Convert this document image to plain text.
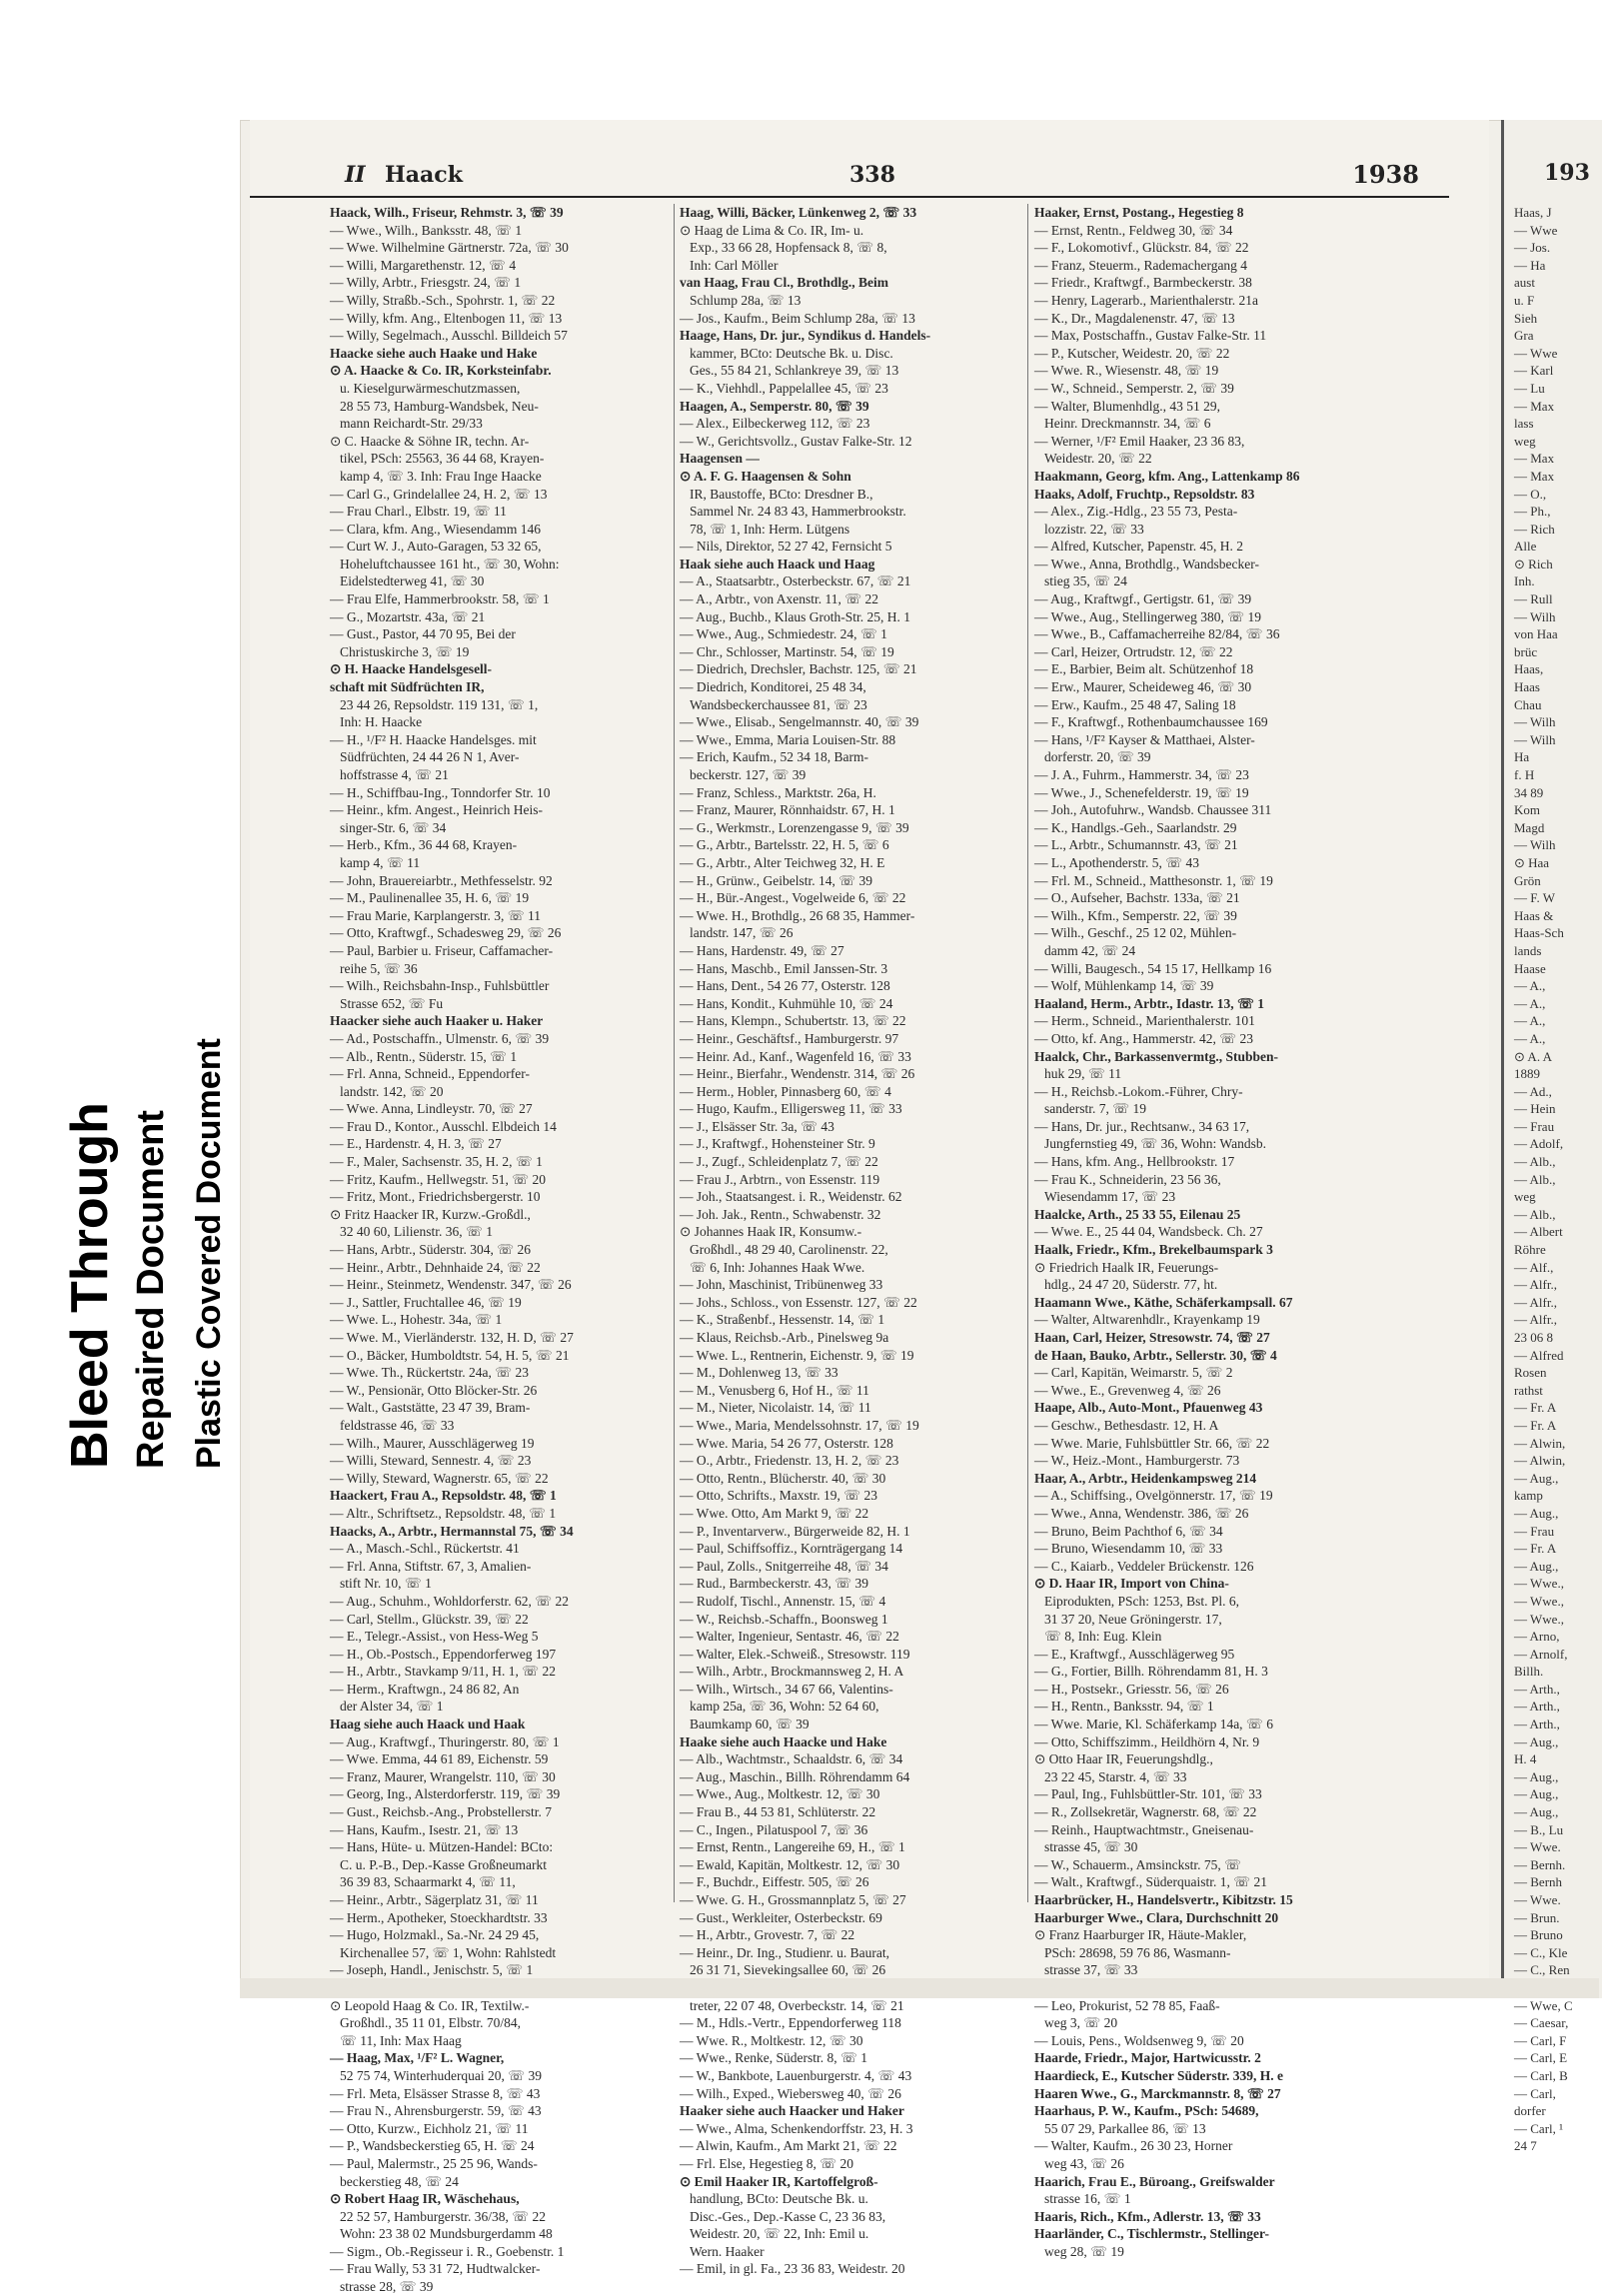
Bleed Through Repaired Document Plastic Covered Document
II Haack	338	1938
Haack, Wilh., Friseur, Rehmstr. 3, ☏ 39
— Wwe., Wilh., Banksstr. 48, ☏ 1
— Wwe. Wilhelmine Gärtnerstr. 72a, ☏ 30
— Willi, Margarethenstr. 12, ☏ 4
— Willy, Arbtr., Friesgstr. 24, ☏ 1
— Willy, Straßb.-Sch., Spohrstr. 1, ☏ 22
— Willy, kfm. Ang., Eltenbogen 11, ☏ 13
— Willy, Segelmach., Ausschl. Billdeich 57
Haacke siehe auch Haake und Hake
⊙ A. Haacke & Co. IR, Korksteinfabr.
u. Kieselgurwärmeschutzmassen,
28 55 73, Hamburg-Wandsbek, Neu-
mann Reichardt-Str. 29/33
⊙ C. Haacke & Söhne IR, techn. Ar-
tikel, PSch: 25563, 36 44 68, Krayen-
kamp 4, ☏ 3. Inh: Frau Inge Haacke
— Carl G., Grindelallee 24, H. 2, ☏ 13
— Frau Charl., Elbstr. 19, ☏ 11
— Clara, kfm. Ang., Wiesendamm 146
— Curt W. J., Auto-Garagen, 53 32 65,
Hoheluftchaussee 161 ht., ☏ 30, Wohn:
Eidelstedterweg 41, ☏ 30
— Frau Elfe, Hammerbrookstr. 58, ☏ 1
— G., Mozartstr. 43a, ☏ 21
— Gust., Pastor, 44 70 95, Bei der
Christuskirche 3, ☏ 19
⊙ H. Haacke Handelsgesell-
schaft mit Südfrüchten IR,
23 44 26, Repsoldstr. 119 131, ☏ 1,
Inh: H. Haacke
— H., ¹/F² H. Haacke Handelsges. mit
Südfrüchten, 24 44 26 N 1, Aver-
hoffstrasse 4, ☏ 21
— H., Schiffbau-Ing., Tonndorfer Str. 10
— Heinr., kfm. Angest., Heinrich Heis-
singer-Str. 6, ☏ 34
— Herb., Kfm., 36 44 68, Krayen-
kamp 4, ☏ 11
— John, Brauereiarbtr., Methfesselstr. 92
— M., Paulinenallee 35, H. 6, ☏ 19
— Frau Marie, Karplangerstr. 3, ☏ 11
— Otto, Kraftwgf., Schadesweg 29, ☏ 26
— Paul, Barbier u. Friseur, Caffamacher-
reihe 5, ☏ 36
— Wilh., Reichsbahn-Insp., Fuhlsbüttler
Strasse 652, ☏ Fu
Haacker siehe auch Haaker u. Haker
— Ad., Postschaffn., Ulmenstr. 6, ☏ 39
— Alb., Rentn., Süderstr. 15, ☏ 1
— Frl. Anna, Schneid., Eppendorfer-
landstr. 142, ☏ 20
— Wwe. Anna, Lindleystr. 70, ☏ 27
— Frau D., Kontor., Ausschl. Elbdeich 14
— E., Hardenstr. 4, H. 3, ☏ 27
— F., Maler, Sachsenstr. 35, H. 2, ☏ 1
— Fritz, Kaufm., Hellwegstr. 51, ☏ 20
— Fritz, Mont., Friedrichsbergerstr. 10
⊙ Fritz Haacker IR, Kurzw.-Großdl.,
32 40 60, Lilienstr. 36, ☏ 1
— Hans, Arbtr., Süderstr. 304, ☏ 26
— Heinr., Arbtr., Dehnhaide 24, ☏ 22
— Heinr., Steinmetz, Wendenstr. 347, ☏ 26
— J., Sattler, Fruchtallee 46, ☏ 19
— Wwe. L., Hohestr. 34a, ☏ 1
— Wwe. M., Vierländerstr. 132, H. D, ☏ 27
— O., Bäcker, Humboldtstr. 54, H. 5, ☏ 21
— Wwe. Th., Rückertstr. 24a, ☏ 23
— W., Pensionär, Otto Blöcker-Str. 26
— Walt., Gaststätte, 23 47 39, Bram-
feldstrasse 46, ☏ 33
— Wilh., Maurer, Ausschlägerweg 19
— Willi, Steward, Sennestr. 4, ☏ 23
— Willy, Steward, Wagnerstr. 65, ☏ 22
Haackert, Frau A., Repsoldstr. 48, ☏ 1
— Altr., Schriftsetz., Repsoldstr. 48, ☏ 1
Haacks, A., Arbtr., Hermannstal 75, ☏ 34
— A., Masch.-Schl., Rückertstr. 41
— Frl. Anna, Stiftstr. 67, 3, Amalien-
stift Nr. 10, ☏ 1
— Aug., Schuhm., Wohldorferstr. 62, ☏ 22
— Carl, Stellm., Glückstr. 39, ☏ 22
— E., Telegr.-Assist., von Hess-Weg 5
— H., Ob.-Postsch., Eppendorferweg 197
— H., Arbtr., Stavkamp 9/11, H. 1, ☏ 22
— Herm., Kraftwgn., 24 86 82, An
der Alster 34, ☏ 1
Haag siehe auch Haack und Haak
— Aug., Kraftwgf., Thuringerstr. 80, ☏ 1
— Wwe. Emma, 44 61 89, Eichenstr. 59
— Franz, Maurer, Wrangelstr. 110, ☏ 30
— Georg, Ing., Alsterdorferstr. 119, ☏ 39
— Gust., Reichsb.-Ang., Probstellerstr. 7
— Hans, Kaufm., Isestr. 21, ☏ 13
— Hans, Hüte- u. Mützen-Handel: BCto:
C. u. P.-B., Dep.-Kasse Großneumarkt
36 39 83, Schaarmarkt 4, ☏ 11,
— Heinr., Arbtr., Sägerplatz 31, ☏ 11
— Herm., Apotheker, Stoeckhardtstr. 33
— Hugo, Holzmakl., Sa.-Nr. 24 29 45,
Kirchenallee 57, ☏ 1, Wohn: Rahlstedt
— Joseph, Handl., Jenischstr. 5, ☏ 1
⊙ Leopold Haag & Co. IR, Textilw.-
Großhdl., 35 11 01, Elbstr. 70/84,
☏ 11, Inh: Max Haag
— Haag, Max, ¹/F² L. Wagner,
52 75 74, Winterhuderquai 20, ☏ 39
— Frl. Meta, Elsässer Strasse 8, ☏ 43
— Frau N., Ahrensburgerstr. 59, ☏ 43
— Otto, Kurzw., Eichholz 21, ☏ 11
— P., Wandsbeckerstieg 65, H. ☏ 24
— Paul, Malermstr., 25 25 96, Wands-
beckerstieg 48, ☏ 24
⊙ Robert Haag IR, Wäschehaus,
22 52 57, Hamburgerstr. 36/38, ☏ 22
Wohn: 23 38 02 Mundsburgerdamm 48
— Sigm., Ob.-Regisseur i. R., Goebenstr. 1
— Frau Wally, 53 31 72, Hudtwalcker-
strasse 28, ☏ 39
Haag, Willi, Bäcker, Lünkenweg 2, ☏ 33
⊙ Haag de Lima & Co. IR, Im- u.
Exp., 33 66 28, Hopfensack 8, ☏ 8,
Inh: Carl Möller
van Haag, Frau Cl., Brothdlg., Beim
Schlump 28a, ☏ 13
— Jos., Kaufm., Beim Schlump 28a, ☏ 13
Haage, Hans, Dr. jur., Syndikus d. Handels-
kammer, BCto: Deutsche Bk. u. Disc.
Ges., 55 84 21, Schlankreye 39, ☏ 13
— K., Viehhdl., Pappelallee 45, ☏ 23
Haagen, A., Semperstr. 80, ☏ 39
— Alex., Eilbeckerweg 112, ☏ 23
— W., Gerichtsvollz., Gustav Falke-Str. 12
Haagensen —
⊙ A. F. G. Haagensen & Sohn
IR, Baustoffe, BCto: Dresdner B.,
Sammel Nr. 24 83 43, Hammerbrookstr.
78, ☏ 1, Inh: Herm. Lütgens
— Nils, Direktor, 52 27 42, Fernsicht 5
Haak siehe auch Haack und Haag
— A., Staatsarbtr., Osterbeckstr. 67, ☏ 21
— A., Arbtr., von Axenstr. 11, ☏ 22
— Aug., Buchb., Klaus Groth-Str. 25, H. 1
— Wwe., Aug., Schmiedestr. 24, ☏ 1
— Chr., Schlosser, Martinstr. 54, ☏ 19
— Diedrich, Drechsler, Bachstr. 125, ☏ 21
— Diedrich, Konditorei, 25 48 34,
Wandsbeckerchaussee 81, ☏ 23
— Wwe., Elisab., Sengelmannstr. 40, ☏ 39
— Wwe., Emma, Maria Louisen-Str. 88
— Erich, Kaufm., 52 34 18, Barm-
beckerstr. 127, ☏ 39
— Franz, Schless., Marktstr. 26a, H.
— Franz, Maurer, Rönnhaidstr. 67, H. 1
— G., Werkmstr., Lorenzengasse 9, ☏ 39
— G., Arbtr., Bartelsstr. 22, H. 5, ☏ 6
— G., Arbtr., Alter Teichweg 32, H. E
— H., Grünw., Geibelstr. 14, ☏ 39
— H., Bür.-Angest., Vogelweide 6, ☏ 22
— Wwe. H., Brothdlg., 26 68 35, Hammer-
landstr. 147, ☏ 26
— Hans, Hardenstr. 49, ☏ 27
— Hans, Maschb., Emil Janssen-Str. 3
— Hans, Dent., 54 26 77, Osterstr. 128
— Hans, Kondit., Kuhmühle 10, ☏ 24
— Hans, Klempn., Schubertstr. 13, ☏ 22
— Heinr., Geschäftsf., Hamburgerstr. 97
— Heinr. Ad., Kanf., Wagenfeld 16, ☏ 33
— Heinr., Bierfahr., Wendenstr. 314, ☏ 26
— Herm., Hobler, Pinnasberg 60, ☏ 4
— Hugo, Kaufm., Elligersweg 11, ☏ 33
— J., Elsässer Str. 3a, ☏ 43
— J., Kraftwgf., Hohensteiner Str. 9
— J., Zugf., Schleidenplatz 7, ☏ 22
— Frau J., Arbtrn., von Essenstr. 119
— Joh., Staatsangest. i. R., Weidenstr. 62
— Joh. Jak., Rentn., Schwabenstr. 32
⊙ Johannes Haak IR, Konsumw.-
Großhdl., 48 29 40, Carolinenstr. 22,
☏ 6, Inh: Johannes Haak Wwe.
— John, Maschinist, Tribünenweg 33
— Johs., Schloss., von Essenstr. 127, ☏ 22
— K., Straßenbf., Hessenstr. 14, ☏ 1
— Klaus, Reichsb.-Arb., Pinelsweg 9a
— Wwe. L., Rentnerin, Eichenstr. 9, ☏ 19
— M., Dohlenweg 13, ☏ 33
— M., Venusberg 6, Hof H., ☏ 11
— M., Nieter, Nicolaistr. 14, ☏ 11
— Wwe., Maria, Mendelssohnstr. 17, ☏ 19
— Wwe. Maria, 54 26 77, Osterstr. 128
— O., Arbtr., Friedenstr. 13, H. 2, ☏ 23
— Otto, Rentn., Blücherstr. 40, ☏ 30
— Otto, Schrifts., Maxstr. 19, ☏ 23
— Wwe. Otto, Am Markt 9, ☏ 22
— P., Inventarverw., Bürgerweide 82, H. 1
— Paul, Schiffsoffiz., Kornträgergang 14
— Paul, Zolls., Snitgerreihe 48, ☏ 34
— Rud., Barmbeckerstr. 43, ☏ 39
— Rudolf, Tischl., Annenstr. 15, ☏ 4
— W., Reichsb.-Schaffn., Boonsweg 1
— Walter, Ingenieur, Sentastr. 46, ☏ 22
— Walter, Elek.-Schweiß., Stresowstr. 119
— Wilh., Arbtr., Brockmannsweg 2, H. A
— Wilh., Wirtsch., 34 67 66, Valentins-
kamp 25a, ☏ 36, Wohn: 52 64 60,
Baumkamp 60, ☏ 39
Haake siehe auch Haacke und Hake
— Alb., Wachtmstr., Schaaldstr. 6, ☏ 34
— Aug., Maschin., Billh. Röhrendamm 64
— Wwe., Aug., Moltkestr. 12, ☏ 30
— Frau B., 44 53 81, Schlüterstr. 22
— C., Ingen., Pilatuspool 7, ☏ 36
— Ernst, Rentn., Langereihe 69, H., ☏ 1
— Ewald, Kapitän, Moltkestr. 12, ☏ 30
— F., Buchdr., Eiffestr. 505, ☏ 26
— Wwe. G. H., Grossmannplatz 5, ☏ 27
— Gust., Werkleiter, Osterbeckstr. 69
— H., Arbtr., Grovestr. 7, ☏ 22
— Heinr., Dr. Ing., Studienr. u. Baurat,
26 31 71, Sievekingsallee 60, ☏ 26
treter, 22 07 48, Overbeckstr. 14, ☏ 21
— M., Hdls.-Vertr., Eppendorferweg 118
— Wwe. R., Moltkestr. 12, ☏ 30
— Wwe., Renke, Süderstr. 8, ☏ 1
— W., Bankbote, Lauenburgerstr. 4, ☏ 43
— Wilh., Exped., Wiebersweg 40, ☏ 26
Haaker siehe auch Haacker und Haker
— Wwe., Alma, Schenkendorffstr. 23, H. 3
— Alwin, Kaufm., Am Markt 21, ☏ 22
— Frl. Else, Hegestieg 8, ☏ 20
⊙ Emil Haaker IR, Kartoffelgroß-
handlung, BCto: Deutsche Bk. u.
Disc.-Ges., Dep.-Kasse C, 23 36 83,
Weidestr. 20, ☏ 22, Inh: Emil u.
Wern. Haaker
— Emil, in gl. Fa., 23 36 83, Weidestr. 20
Haaker, Ernst, Postang., Hegestieg 8
— Ernst, Rentn., Feldweg 30, ☏ 34
— F., Lokomotivf., Glückstr. 84, ☏ 22
— Franz, Steuerm., Rademachergang 4
— Friedr., Kraftwgf., Barmbeckerstr. 38
— Henry, Lagerarb., Marienthalerstr. 21a
— K., Dr., Magdalenenstr. 47, ☏ 13
— Max, Postschaffn., Gustav Falke-Str. 11
— P., Kutscher, Weidestr. 20, ☏ 22
— Wwe. R., Wiesenstr. 48, ☏ 19
— W., Schneid., Semperstr. 2, ☏ 39
— Walter, Blumenhdlg., 43 51 29,
Heinr. Dreckmannstr. 34, ☏ 6
— Werner, ¹/F² Emil Haaker, 23 36 83,
Weidestr. 20, ☏ 22
Haakmann, Georg, kfm. Ang., Lattenkamp 86
Haaks, Adolf, Fruchtp., Repsoldstr. 83
— Alex., Zig.-Hdlg., 23 55 73, Pesta-
lozzistr. 22, ☏ 33
— Alfred, Kutscher, Papenstr. 45, H. 2
— Wwe., Anna, Brothdlg., Wandsbecker-
stieg 35, ☏ 24
— Aug., Kraftwgf., Gertigstr. 61, ☏ 39
— Wwe., Aug., Stellingerweg 380, ☏ 19
— Wwe., B., Caffamacherreihe 82/84, ☏ 36
— Carl, Heizer, Ortrudstr. 12, ☏ 22
— E., Barbier, Beim alt. Schützenhof 18
— Erw., Maurer, Scheideweg 46, ☏ 30
— Erw., Kaufm., 25 48 47, Saling 18
— F., Kraftwgf., Rothenbaumchaussee 169
— Hans, ¹/F² Kayser & Matthaei, Alster-
dorferstr. 20, ☏ 39
— J. A., Fuhrm., Hammerstr. 34, ☏ 23
— Wwe., J., Schenefelderstr. 19, ☏ 19
— Joh., Autofuhrw., Wandsb. Chaussee 311
— K., Handlgs.-Geh., Saarlandstr. 29
— L., Arbtr., Schumannstr. 43, ☏ 21
— L., Apothenderstr. 5, ☏ 43
— Frl. M., Schneid., Matthesonstr. 1, ☏ 19
— O., Aufseher, Bachstr. 133a, ☏ 21
— Wilh., Kfm., Semperstr. 22, ☏ 39
— Wilh., Geschf., 25 12 02, Mühlen-
damm 42, ☏ 24
— Willi, Baugesch., 54 15 17, Hellkamp 16
— Wolf, Mühlenkamp 14, ☏ 39
Haaland, Herm., Arbtr., Idastr. 13, ☏ 1
— Herm., Schneid., Marienthalerstr. 101
— Otto, kf. Ang., Hammerstr. 42, ☏ 23
Haalck, Chr., Barkassenvermtg., Stubben-
huk 29, ☏ 11
— H., Reichsb.-Lokom.-Führer, Chry-
sanderstr. 7, ☏ 19
— Hans, Dr. jur., Rechtsanw., 34 63 17,
Jungfernstieg 49, ☏ 36, Wohn: Wandsb.
— Hans, kfm. Ang., Hellbrookstr. 17
— Frau K., Schneiderin, 23 56 36,
Wiesendamm 17, ☏ 23
Haalcke, Arth., 25 33 55, Eilenau 25
— Wwe. E., 25 44 04, Wandsbeck. Ch. 27
Haalk, Friedr., Kfm., Brekelbaumspark 3
⊙ Friedrich Haalk IR, Feuerungs-
hdlg., 24 47 20, Süderstr. 77, ht.
Haamann Wwe., Käthe, Schäferkampsall. 67
— Walter, Altwarenhdlr., Krayenkamp 19
Haan, Carl, Heizer, Stresowstr. 74, ☏ 27
de Haan, Bauko, Arbtr., Sellerstr. 30, ☏ 4
— Carl, Kapitän, Weimarstr. 5, ☏ 2
— Wwe., E., Grevenweg 4, ☏ 26
Haape, Alb., Auto-Mont., Pfauenweg 43
— Geschw., Bethesdastr. 12, H. A
— Wwe. Marie, Fuhlsbüttler Str. 66, ☏ 22
— W., Heiz.-Mont., Hamburgerstr. 73
Haar, A., Arbtr., Heidenkampsweg 214
— A., Schiffsing., Ovelgönnerstr. 17, ☏ 19
— Wwe., Anna, Wendenstr. 386, ☏ 26
— Bruno, Beim Pachthof 6, ☏ 34
— Bruno, Wiesendamm 10, ☏ 33
— C., Kaiarb., Veddeler Brückenstr. 126
⊙ D. Haar IR, Import von China-
Eiprodukten, PSch: 1253, Bst. Pl. 6,
31 37 20, Neue Gröningerstr. 17,
☏ 8, Inh: Eug. Klein
— E., Kraftwgf., Ausschlägerweg 95
— G., Fortier, Billh. Röhrendamm 81, H. 3
— H., Postsekr., Griesstr. 56, ☏ 26
— H., Rentn., Banksstr. 94, ☏ 1
— Wwe. Marie, Kl. Schäferkamp 14a, ☏ 6
— Otto, Schiffszimm., Heildhörn 4, Nr. 9
⊙ Otto Haar IR, Feuerungshdlg.,
23 22 45, Starstr. 4, ☏ 33
— Paul, Ing., Fuhlsbüttler-Str. 101, ☏ 33
— R., Zollsekretär, Wagnerstr. 68, ☏ 22
— Reinh., Hauptwachtmstr., Gneisenau-
strasse 45, ☏ 30
— W., Schauerm., Amsinckstr. 75, ☏
— Walt., Kraftwgf., Süderquaistr. 1, ☏ 21
Haarbrücker, H., Handelsvertr., Kibitzstr. 15
Haarburger Wwe., Clara, Durchschnitt 20
⊙ Franz Haarburger IR, Häute-Makler,
PSch: 28698, 59 76 86, Wasmann-
strasse 37, ☏ 33
— Leo, Prokurist, 52 78 85, Faaß-
weg 3, ☏ 20
— Louis, Pens., Woldsenweg 9, ☏ 20
Haarde, Friedr., Major, Hartwicusstr. 2
Haardieck, E., Kutscher Süderstr. 339, H. e
Haaren Wwe., G., Marckmannstr. 8, ☏ 27
Haarhaus, P. W., Kaufm., PSch: 54689,
55 07 29, Parkallee 86, ☏ 13
— Walter, Kaufm., 26 30 23, Horner
weg 43, ☏ 26
Haarich, Frau E., Büroang., Greifswalder
strasse 16, ☏ 1
Haaris, Rich., Kfm., Adlerstr. 13, ☏ 33
Haarländer, C., Tischlermstr., Stellinger-
weg 28, ☏ 19
193
Haas, J
— Wwe
— Jos.
— Ha
aust
u. F
Sieh
Gra
— Wwe
— Karl
— Lu
— Max
lass
weg
— Max
— Max
— O.,
— Ph.,
— Rich
Alle
⊙ Rich
Inh.
— Rull
— Wilh
von Haa
brüc
Haas,
Haas
Chau
— Wilh
— Wilh
Ha
f. H
34 89
Kom
Magd
— Wilh
⊙ Haa
Grön
— F. W
Haas &
Haas-Sch
lands
Haase
— A.,
— A.,
— A.,
— A.,
⊙ A. A
1889
— Ad.,
— Hein
— Frau
— Adolf,
— Alb.,
— Alb.,
weg
— Alb.,
— Albert
Röhre
— Alf.,
— Alfr.,
— Alfr.,
— Alfr.,
23 06 8
— Alfred
Rosen
rathst
— Fr. A
— Fr. A
— Alwin,
— Alwin,
— Aug.,
kamp
— Aug.,
— Frau
— Fr. A
— Aug.,
— Wwe.,
— Wwe.,
— Wwe.,
— Arno,
— Arnolf,
Billh.
— Arth.,
— Arth.,
— Arth.,
— Aug.,
H. 4
— Aug.,
— Aug.,
— Aug.,
— B., Lu
— Wwe.
— Bernh.
— Bernh
— Wwe.
— Brun.
— Bruno
— C., Kle
— C., Ren
— Wwe, C
— Caesar,
— Carl, F
— Carl, E
— Carl, B
— Carl,
dorfer
— Carl, ¹
24 7
